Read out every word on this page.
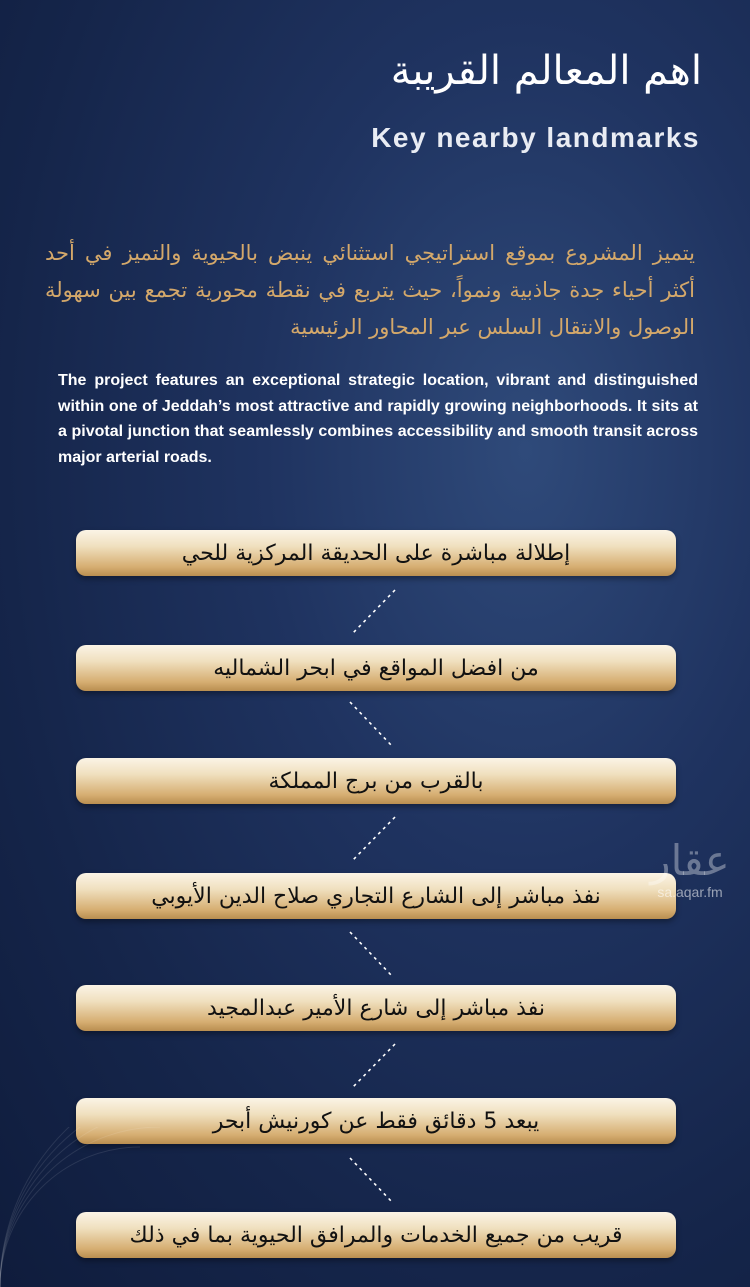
اهم المعالم القريبة
Key nearby landmarks
يتميز المشروع بموقع استراتيجي استثنائي ينبض بالحيوية والتميز في أحد أكثر أحياء جدة جاذبية ونمواً، حيث يتربع في نقطة محورية تجمع بين سهولة الوصول والانتقال السلس عبر المحاور الرئيسية
The project features an exceptional strategic location, vibrant and distinguished within one of Jeddah’s most attractive and rapidly growing neighborhoods. It sits at a pivotal junction that seamlessly combines accessibility and smooth transit across major arterial roads.
إطلالة مباشرة على الحديقة المركزية للحي
من افضل المواقع في ابحر الشماليه
بالقرب من برج المملكة
نفذ مباشر إلى الشارع التجاري صلاح الدين الأيوبي
نفذ مباشر إلى شارع الأمير عبدالمجيد
يبعد 5 دقائق فقط عن كورنيش أبحر
قريب من جميع الخدمات والمرافق الحيوية بما في ذلك
عقار
sa.aqar.fm
